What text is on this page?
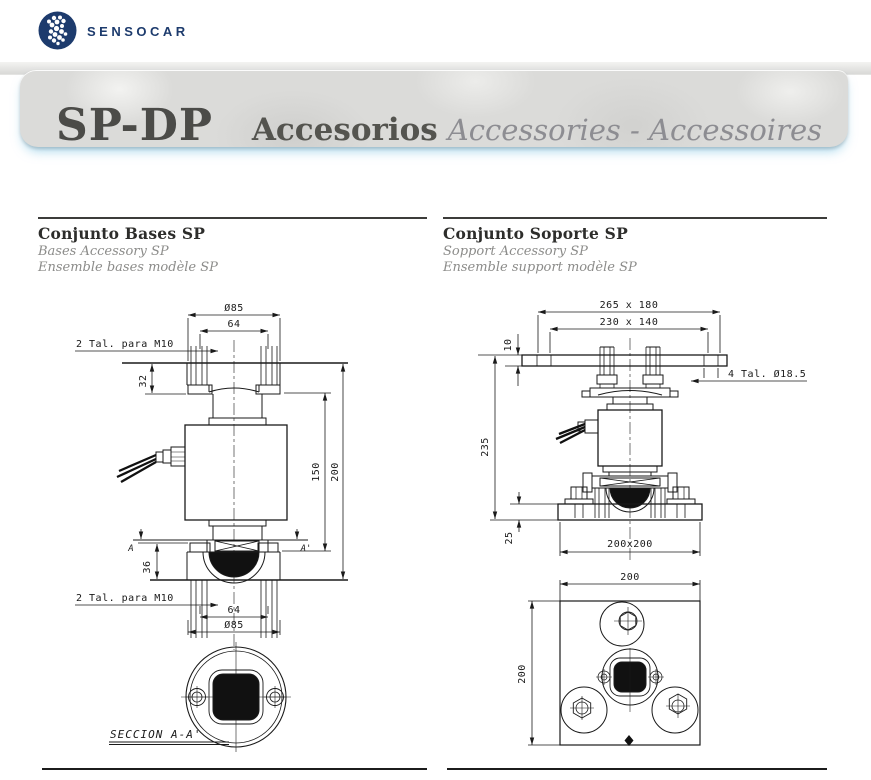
SENSOCAR
SP-DP Accesorios Accessories - Accessoires
Conjunto Bases SP

Bases Accessory SP

Ensemble bases modèle SP

Conjunto Soporte SP

Sopport Accessory SP

Ensemble support modèle SP

Ø85
64
2 Tal. para M10
32
150 200
A	A'
36
2 Tal. para M10
64
Ø85
SECCION A-A'
265 x 180
230 x 140
10
4 Tal. Ø18.5
235
25	200x200
200
200
